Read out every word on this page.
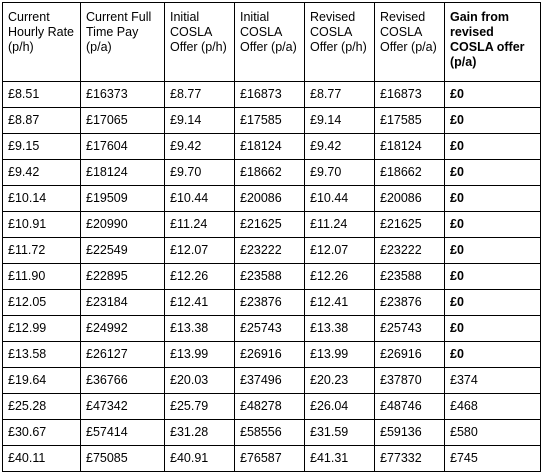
Current Hourly Rate (p/h)	Current Full Time Pay (p/a)	Initial COSLA Offer (p/h)	Initial COSLA Offer (p/a)	Revised COSLA Offer (p/h)	Revised COSLA Offer (p/a)	Gain from revised COSLA offer (p/a)
£8.51	£16373	£8.77	£16873	£8.77	£16873	£0
£8.87	£17065	£9.14	£17585	£9.14	£17585	£0
£9.15	£17604	£9.42	£18124	£9.42	£18124	£0
£9.42	£18124	£9.70	£18662	£9.70	£18662	£0
£10.14	£19509	£10.44	£20086	£10.44	£20086	£0
£10.91	£20990	£11.24	£21625	£11.24	£21625	£0
£11.72	£22549	£12.07	£23222	£12.07	£23222	£0
£11.90	£22895	£12.26	£23588	£12.26	£23588	£0
£12.05	£23184	£12.41	£23876	£12.41	£23876	£0
£12.99	£24992	£13.38	£25743	£13.38	£25743	£0
£13.58	£26127	£13.99	£26916	£13.99	£26916	£0
£19.64	£36766	£20.03	£37496	£20.23	£37870	£374
£25.28	£47342	£25.79	£48278	£26.04	£48746	£468
£30.67	£57414	£31.28	£58556	£31.59	£59136	£580
£40.11	£75085	£40.91	£76587	£41.31	£77332	£745
